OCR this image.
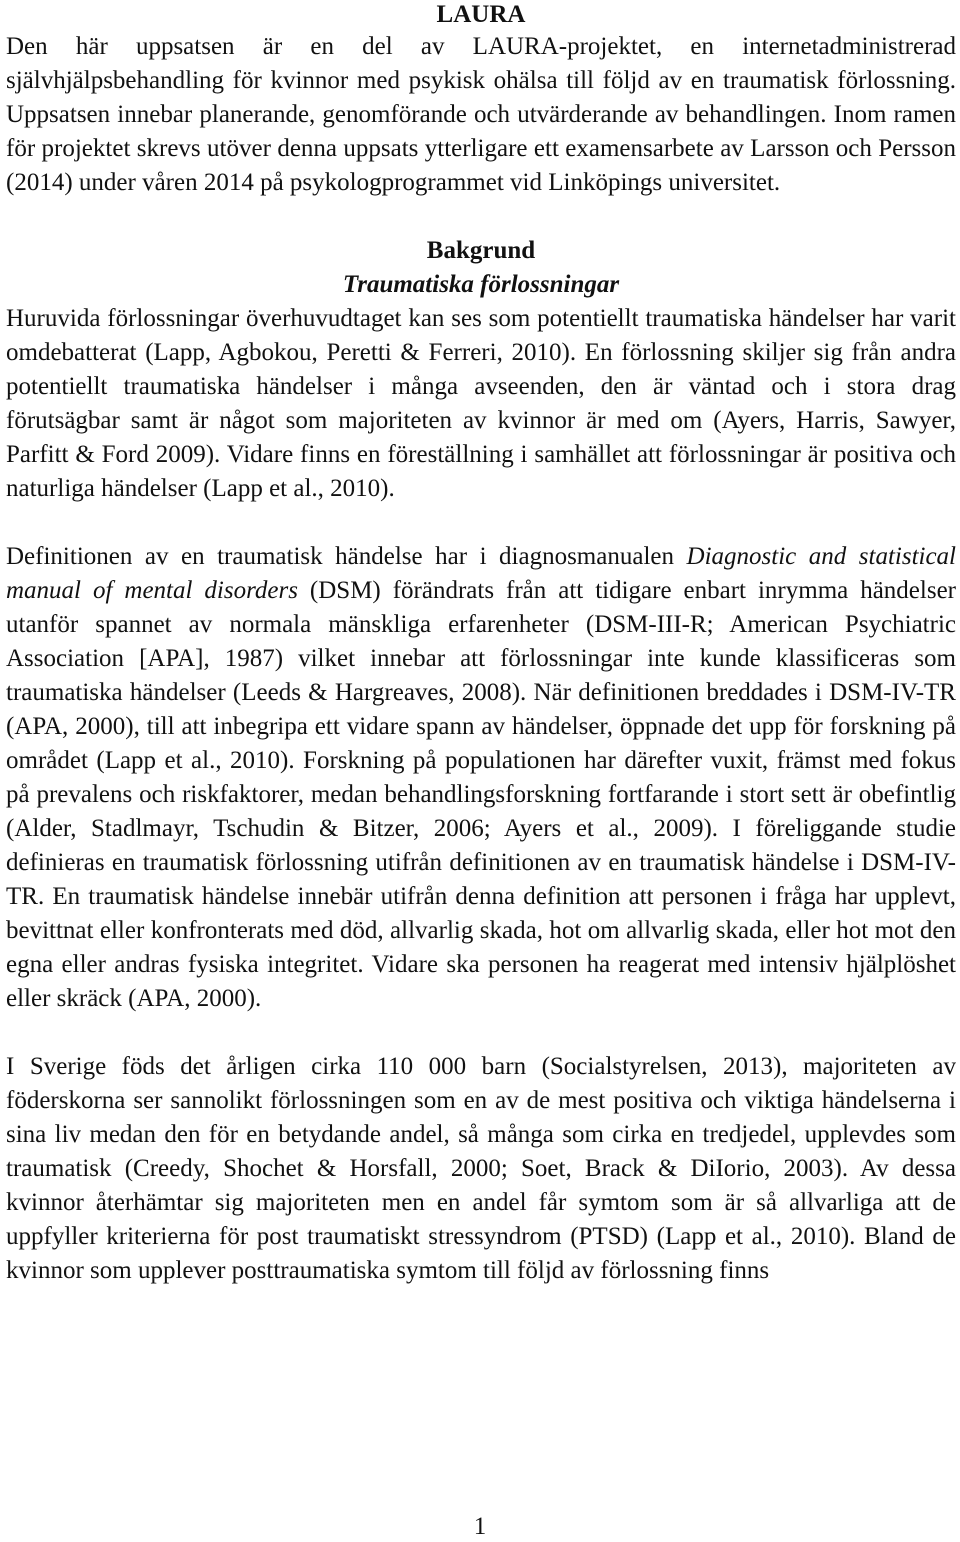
LAURA

Den här uppsatsen är en del av LAURA-projektet, en internetadministrerad självhjälpsbehandling för kvinnor med psykisk ohälsa till följd av en traumatisk förlossning. Uppsatsen innebar planerande, genomförande och utvärderande av behandlingen. Inom ramen för projektet skrevs utöver denna uppsats ytterligare ett examensarbete av Larsson och Persson (2014) under våren 2014 på psykologprogrammet vid Linköpings universitet.

Bakgrund

Traumatiska förlossningar

Huruvida förlossningar överhuvudtaget kan ses som potentiellt traumatiska händelser har varit omdebatterat (Lapp, Agbokou, Peretti & Ferreri, 2010). En förlossning skiljer sig från andra potentiellt traumatiska händelser i många avseenden, den är väntad och i stora drag förutsägbar samt är något som majoriteten av kvinnor är med om (Ayers, Harris, Sawyer, Parfitt & Ford 2009). Vidare finns en föreställning i samhället att förlossningar är positiva och naturliga händelser (Lapp et al., 2010).

Definitionen av en traumatisk händelse har i diagnosmanualen Diagnostic and statistical manual of mental disorders (DSM) förändrats från att tidigare enbart inrymma händelser utanför spannet av normala mänskliga erfarenheter (DSM-III-R; American Psychiatric Association [APA], 1987) vilket innebar att förlossningar inte kunde klassificeras som traumatiska händelser (Leeds & Hargreaves, 2008). När definitionen breddades i DSM-IV-TR (APA, 2000), till att inbegripa ett vidare spann av händelser, öppnade det upp för forskning på området (Lapp et al., 2010). Forskning på populationen har därefter vuxit, främst med fokus på prevalens och riskfaktorer, medan behandlingsforskning fortfarande i stort sett är obefintlig (Alder, Stadlmayr, Tschudin & Bitzer, 2006; Ayers et al., 2009). I föreliggande studie definieras en traumatisk förlossning utifrån definitionen av en traumatisk händelse i DSM-IV-TR. En traumatisk händelse innebär utifrån denna definition att personen i fråga har upplevt, bevittnat eller konfronterats med död, allvarlig skada, hot om allvarlig skada, eller hot mot den egna eller andras fysiska integritet. Vidare ska personen ha reagerat med intensiv hjälplöshet eller skräck (APA, 2000).

I Sverige föds det årligen cirka 110 000 barn (Socialstyrelsen, 2013), majoriteten av föderskorna ser sannolikt förlossningen som en av de mest positiva och viktiga händelserna i sina liv medan den för en betydande andel, så många som cirka en tredjedel, upplevdes som traumatisk (Creedy, Shochet & Horsfall, 2000; Soet, Brack & DiIorio, 2003). Av dessa kvinnor återhämtar sig majoriteten men en andel får symtom som är så allvarliga att de uppfyller kriterierna för post traumatiskt stressyndrom (PTSD) (Lapp et al., 2010). Bland de kvinnor som upplever posttraumatiska symtom till följd av förlossning finns

1
